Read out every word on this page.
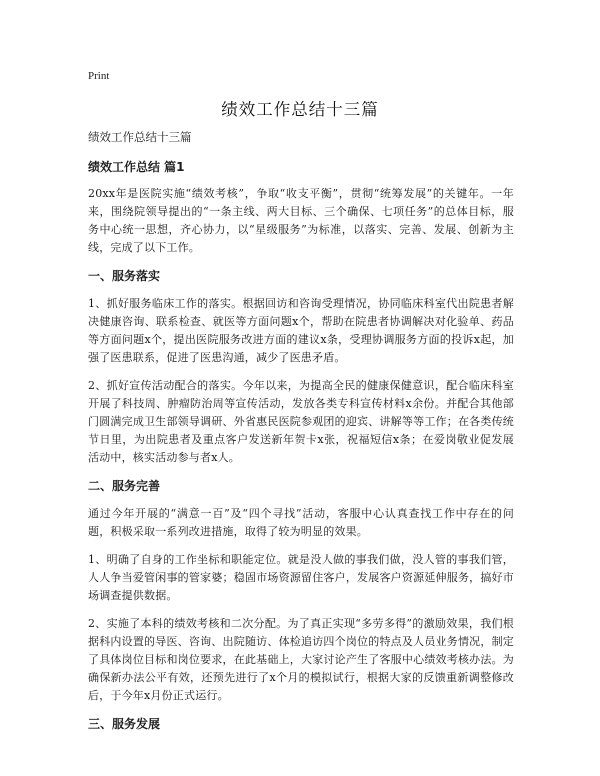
Print
绩效工作总结十三篇
绩效工作总结十三篇
绩效工作总结 篇1
20xx年是医院实施“绩效考核”，争取“收支平衡”，贯彻“统筹发展”的关键年。一年来，围绕院领导提出的“一条主线、两大目标、三个确保、七项任务”的总体目标，服务中心统一思想，齐心协力，以“星级服务”为标准，以落实、完善、发展、创新为主线，完成了以下工作。
一、服务落实
1、抓好服务临床工作的落实。根据回访和咨询受理情况，协同临床科室代出院患者解决健康咨询、联系检查、就医等方面问题x个，帮助在院患者协调解决对化验单、药品等方面问题x个，提出医院服务改进方面的建议x条，受理协调服务方面的投诉x起，加强了医患联系，促进了医患沟通，减少了医患矛盾。
2、抓好宣传活动配合的落实。今年以来，为提高全民的健康保健意识，配合临床科室开展了科技周、肿瘤防治周等宣传活动，发放各类专科宣传材料x余份。并配合其他部门圆满完成卫生部领导调研、外省惠民医院参观团的迎宾、讲解等等工作；在各类传统节日里，为出院患者及重点客户发送新年贺卡x张，祝福短信x条；在爱岗敬业促发展活动中，核实活动参与者x人。
二、服务完善
通过今年开展的“满意一百”及“四个寻找”活动，客服中心认真查找工作中存在的问题，积极采取一系列改进措施，取得了较为明显的效果。
1、明确了自身的工作坐标和职能定位。就是没人做的事我们做，没人管的事我们管，人人争当爱管闲事的管家婆；稳固市场资源留住客户，发展客户资源延伸服务，搞好市场调查提供数据。
2、实施了本科的绩效考核和二次分配。为了真正实现“多劳多得”的激励效果，我们根据科内设置的导医、咨询、出院随访、体检追访四个岗位的特点及人员业务情况，制定了具体岗位目标和岗位要求，在此基础上，大家讨论产生了客服中心绩效考核办法。为确保新办法公平有效，还预先进行了x个月的模拟试行，根据大家的反馈重新调整修改后，于今年x月份正式运行。
三、服务发展
